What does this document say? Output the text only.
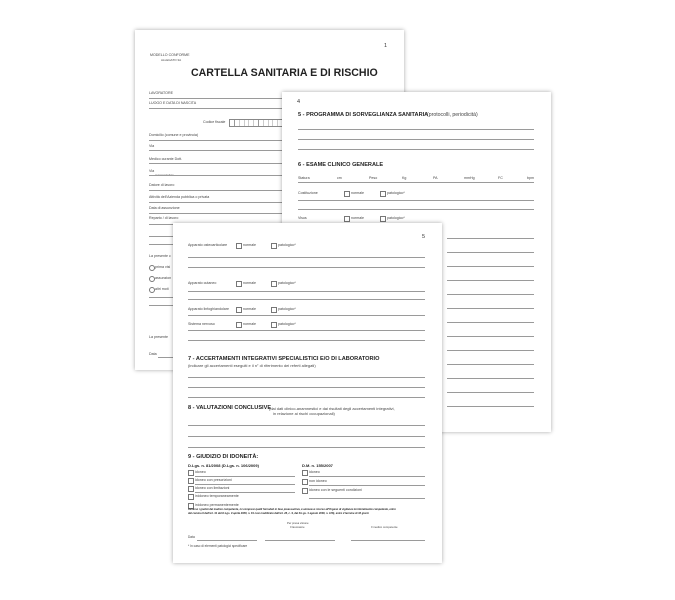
1
MODELLO CONFORME
ALLEGATO 3A
CARTELLA SANITARIA E DI RISCHIO
LAVORATORE
LUOGO E DATA DI NASCITA
Codice fiscale
Domicilio (comune e provincia)
Via
Medico curante Dott.
Via
numero telefono
Datore di lavoro
Attività dell'Azienda pubblica o privata
Data di assunzione
Reparto / di lavoro
La presente c
prima visi
assunzion
altri moti
La presente
Data
4
5 - PROGRAMMA DI SORVEGLIANZA SANITARIA
(protocolli, periodicità)
6 - ESAME CLINICO GENERALE
Statura	cm	Peso	Kg	PA	mmHg	FC	bpm
Costituzione	normale	patologico*
Visus	normale	patologico*
5
Apparato osteoarticolare	normale	patologico*
Apparato cutaneo	normale	patologico*
Apparato linfoghiandolare	normale	patologico*
Sistema nervoso	normale	patologico*
7 - ACCERTAMENTI INTEGRATIVI SPECIALISTICI E/O DI LABORATORIO
(indicare gli accertamenti eseguiti e il n° di riferimento dei referti allegati)
8 - VALUTAZIONI CONCLUSIVE
(dai dati clinico-anamnestici e dai risultati degli accertamenti integrativi,
in relazione ai rischi occupazionali)
9 - GIUDIZIO DI IDONEITÀ:
D.Lgs. n. 81/2008 (D.Lgs. n. 106/2009)	D.M. n. 155/2007
idoneo
idoneo con prescrizioni
idoneo con limitazioni
inidoneo temporaneamente
inidoneo permanentemente
idoneo
non idoneo
idoneo con le seguenti condizioni
Avverso i giudizi del medico competente, ivi compresi quelli formulati in fase preassuntiva, è ammesso ricorso all'Organo di vigilanza territorialmente competente, entro
del comma 9 dell'art. 41 del D.Lgs. 9 aprile 2008, n. 81 così modificato dall'art. 26, c. 9, del D.Lgs. 3 agosto 2009, n. 106), entro il termine di 30 giorni
Per presa visione
Il lavoratore	Il medico competente
Data
* In caso di elementi patologici specificare
